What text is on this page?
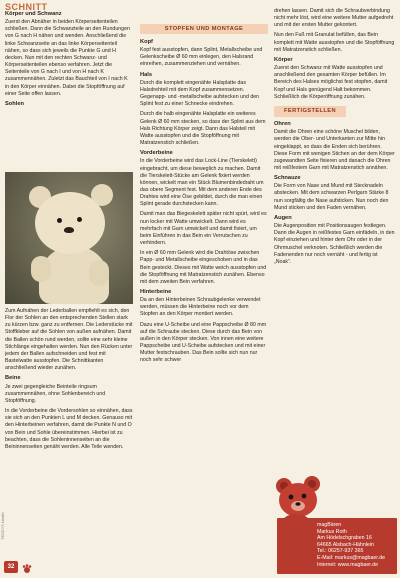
SCHNITT
Körper und Schwanz

Zuerst den Abnäher in beiden Körperseitenteilen schließen. Dann die Schwanzteile an den Rundungen von G nach H nähen und wenden. Anschließend die linke Schwanzseite an das linke Körperseitenteil nähen, so dass sich jeweils die Punkte G und H decken. Nun mit den rechten Schwanz- und Körperseitenteilen ebenso verfahren. Jetzt die Seitenteile von G nach I und von H nach K zusammennähen. Zuletzt das Bauchteil von I nach K in den Körper einnähen. Dabei die Stopföffnung auf einer Seite offen lassen.

Sohlen

Zum Aufnähen der Lederballen empfiehlt es sich, den Flor der Sohlen an den entsprechenden Stellen stark zu kürzen bzw. ganz zu entfernen. Die Lederstücke mit Stoffkleber auf die Sohlen von außen aufnähen. Damit die Ballen schön rund werden, sollte eine sehr kleine Stichlänge eingehalten werden. Nun den Rücken unter jedem der Ballen aufschneiden und fest mit Bastelwatte ausstopfen. Die Schnittkanten anschließend wieder zunähen.

Beine

Je zwei gegengleiche Beinteile ringsum zusammennähen, ohne Sohlenbereich und Stopföffnung.

In die Vorderbeine die Vordersohlen so einnähen, dass sie sich an den Punkten L und M decken. Genauso mit den Hinterbeinen verfahren, damit die Punkte N und O von Bein und Sohle übereinstimmen. Hierbei ist zu beachten, dass die Sohleninnenseiten an die Beininnenseiten genäht werden. Alle Teile wenden.

STOPFEN UND MONTAGE
Kopf

Kopf fest ausstopfen, dann Splint, Metallscheibe und Gelenkscheibe Ø 60 mm einlegen, den Halsrand einreihen, zusammenziehen und vernähen.

Hals

Durch die komplett eingenähte Halsplatte das Halsdrehteil mit dem Kopf zusammensetzen. Gegenapp- und -metallscheibe aufstecken und den Splint fest zu einer Schnecke eindrehen.

Durch die halb eingenähte Halsplatte ein weiteres Gelenk Ø 60 mm stecken, so dass der Splint aus dem Hals Richtung Körper zeigt. Dann das Halsteil mit Watte ausstopfen und die Stopföffnung mit Matratzenstich schließen.

Vorderbeine

In die Vorderbeine wird das Lock-Line (Tierskelett) eingebracht, um diese beweglich zu machen. Damit die Tierskelett-Stücke am Gelenk fixiert werden können, wickelt man ein Stück Blumenbindedraht um das obere Segment fest. Mit dem anderen Ende des Drahtes wird eine Öse gebildet, durch die man einen Splint gerade durchstecken kann.

Damit man das Biegeskelett später nicht spürt, wird es nun locker mit Watte umwickelt. Dann wird es mehrfach mit Garn umwickelt und damit fixiert, um beim Einführen in das Bein ein Verrutschen zu verhindern.

In ein Ø 60 mm Gelenk wird die Drahtöse zwischen Papp- und Metallscheibe eingeschoben und in das Bein gesteckt. Dieses mit Watte weich ausstopfen und die Stopföffnung mit Matratzenstich zunähen. Ebenso mit dem zweiten Bein verfahren.

Hinterbeine

Da an den Hinterbeinen Schraubgelenke verwendet werden, müssen die Hinterbeine noch vor dem Stopfen an den Körper montiert werden.

Dazu eine U-Scheibe und eine Pappscheibe Ø 80 mm auf die Schraube stecken. Diese durch das Bein von außen in den Körper stecken. Von innen eine weitere Pappscheibe und U-Scheibe aufstecken und mit einer Mutter festschrauben. Das Bein sollte sich nun nur noch sehr schwer

drehen lassen. Damit sich die Schraubverbindung nicht mehr löst, wird eine weitere Mutter aufgedreht und mit der ersten Mutter gekontert.

Nun den Fuß mit Granulat befüllen, das Bein komplett mit Watte ausstopfen und die Stopföffnung mit Matratzenstich schließen.

Körper

Zuerst den Schwanz mit Watte ausstopfen und anschließend den gesamten Körper befüllen. Im Bereich des Halses möglichst fest stopfen, damit Kopf und Hals genügend Halt bekommen. Schließlich die Körperöffnung zunähen.

FERTIGSTELLEN
Ohren

Damit die Ohren eine schöne Muschel bilden, werden die Ober- und Unterkanten zur Mitte hin eingeklappt, so dass die Enden sich berühren. Diese Form mit wenigen Stichen an der dem Körper zugewandten Seite fixieren und danach die Ohren mit reißfestem Garn mit Matratzenstich annähen.

Schnauze

Die Form von Nase und Mund mit Stecknadeln abstecken. Mit dem schwarzen Perlgarn Stärke 8 nun sorgfältig die Nase aufsticken. Nun noch den Mund sticken und den Faden vernähen.

Augen

Die Augenposition mit Positionsaugen festlegen. Dann die Augen in reißfestes Garn einfädeln, in den Kopf einziehen und hinter dem Ohr oder in der Ohrmuschel verknoten. Schließlich werden die Fadenenden nur noch vernäht - und fertig ist „Noak“.

magBären
Markus Roth
Am Hödelschgraben 16
64665 Alsbach-Hähnlein
Tel.: 06257-937 365
E-Mail: markus@magbaer.de
Internet: www.magbaer.de
TEDDYS kreativ
32
